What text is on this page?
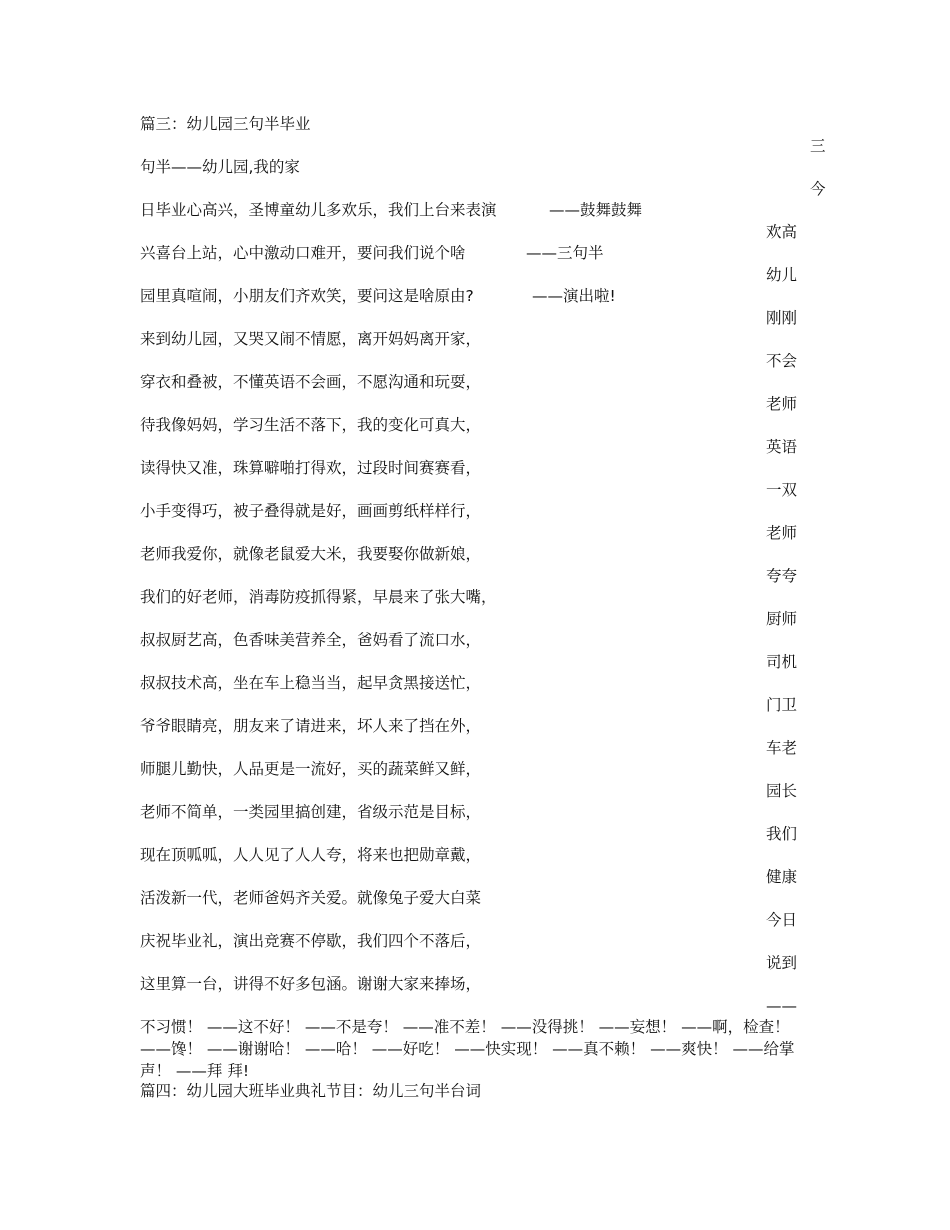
篇三：幼儿园三句半毕业
句半——幼儿园,我的家
日毕业心高兴，圣博童幼儿多欢乐，我们上台来表演
兴喜台上站，心中激动口难开，要问我们说个啥
园里真喧闹，小朋友们齐欢笑，要问这是啥原由?
来到幼儿园，又哭又闹不情愿，离开妈妈离开家，
穿衣和叠被，不懂英语不会画，不愿沟通和玩耍，
待我像妈妈，学习生活不落下，我的变化可真大，
读得快又准，珠算噼啪打得欢，过段时间赛赛看，
小手变得巧，被子叠得就是好，画画剪纸样样行，
老师我爱你，就像老鼠爱大米，我要娶你做新娘，
我们的好老师，消毒防疫抓得紧，早晨来了张大嘴，
叔叔厨艺高，色香味美营养全，爸妈看了流口水，
叔叔技术高，坐在车上稳当当，起早贪黑接送忙，
爷爷眼睛亮，朋友来了请进来，坏人来了挡在外，
师腿儿勤快，人品更是一流好，买的蔬菜鲜又鲜，
老师不简单，一类园里搞创建，省级示范是目标，
现在顶呱呱，人人见了人人夸，将来也把勋章戴，
活泼新一代，老师爸妈齐关爱。就像兔子爱大白菜
庆祝毕业礼，演出竞赛不停歇，我们四个不落后，
这里算一台，讲得不好多包涵。谢谢大家来捧场，
——鼓舞鼓舞
——三句半
——演出啦!
三
今
欢高
幼儿
刚刚
不会
老师
英语
一双
老师
夸夸
厨师
司机
门卫
车老
园长
我们
健康
今日
说到
——
不习惯！ ——这不好！ ——不是夸！ ——准不差！ ——没得挑！ ——妄想！ ——啊，检查！ ——馋！ ——谢谢哈！ ——哈！ ——好吃！ ——快实现！ ——真不赖！ ——爽快！ ——给掌声！ ——拜 拜!
篇四：幼儿园大班毕业典礼节目：幼儿三句半台词
